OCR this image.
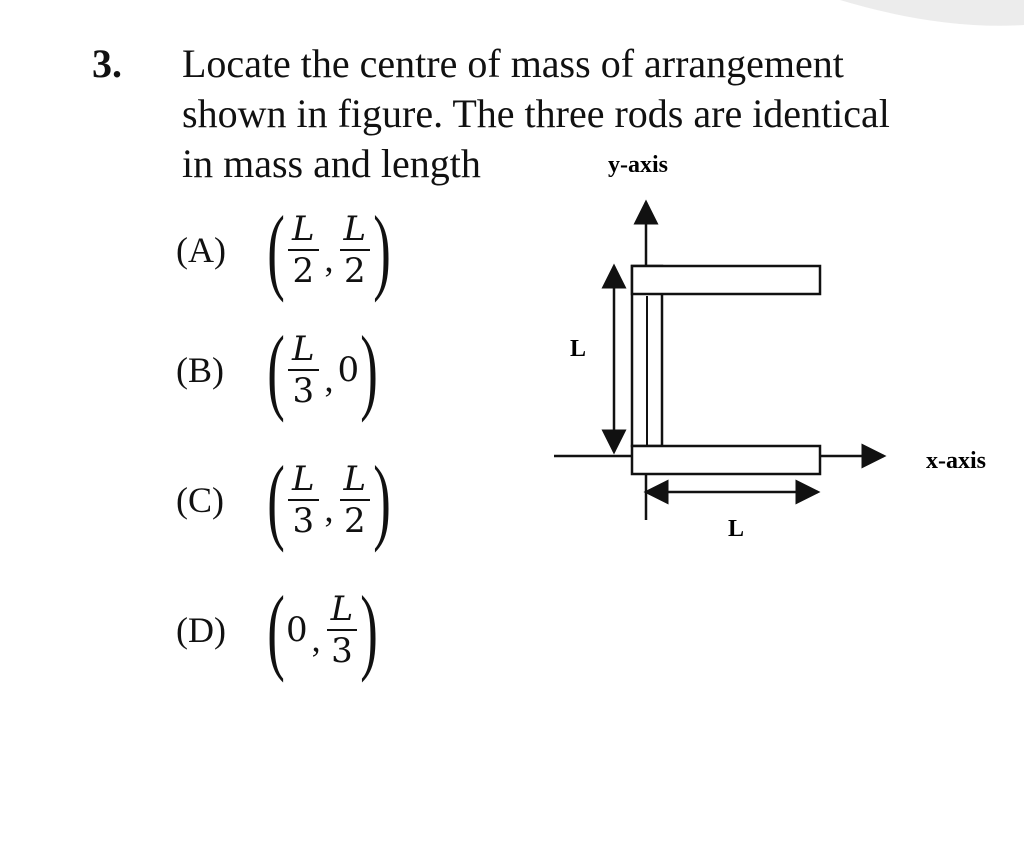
3. Locate the centre of mass of arrangement
shown in figure. The three rods are identical
in mass and length
(A) ( $\frac{L}{2}$ , $\frac{L}{2}$ )
(B) ( $\frac{L}{3}$ , 0 )
(C) ( $\frac{L}{3}$ , $\frac{L}{2}$ )
(D) ( 0 , $\frac{L}{3}$ )
y-axis
x-axis
L
L
